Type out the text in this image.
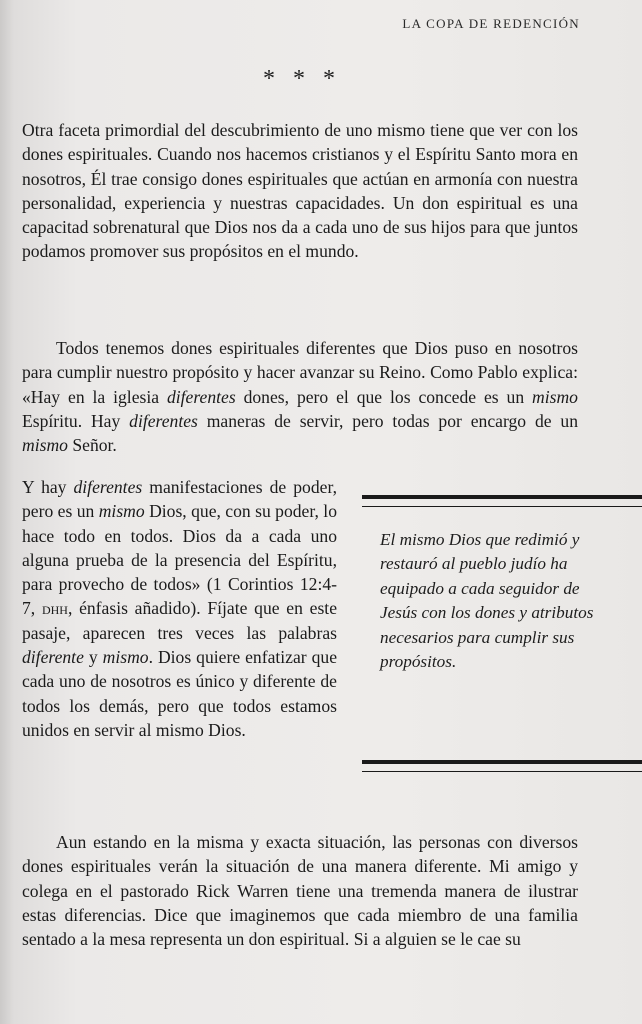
LA COPA DE REDENCIÓN
* * *
Otra faceta primordial del descubrimiento de uno mismo tiene que ver con los dones espirituales. Cuando nos hacemos cristianos y el Espíritu Santo mora en nosotros, Él trae consigo dones espirituales que actúan en armonía con nuestra personalidad, experiencia y nuestras capacidades. Un don espiritual es una capacitad sobrenatural que Dios nos da a cada uno de sus hijos para que juntos podamos promover sus propósitos en el mundo.
Todos tenemos dones espirituales diferentes que Dios puso en nosotros para cumplir nuestro propósito y hacer avanzar su Reino. Como Pablo explica: «Hay en la iglesia diferentes dones, pero el que los concede es un mismo Espíritu. Hay diferentes maneras de servir, pero todas por encargo de un mismo Señor.
Y hay diferentes manifestaciones de poder, pero es un mismo Dios, que, con su poder, lo hace todo en todos. Dios da a cada uno alguna prueba de la presencia del Espíritu, para provecho de todos» (1 Corintios 12:4-7, dhh, énfasis añadido). Fíjate que en este pasaje, aparecen tres veces las palabras diferente y mismo. Dios quiere enfatizar que cada uno de nosotros es único y diferente de todos los demás, pero que todos estamos unidos en servir al mismo Dios.
El mismo Dios que redimió y restauró al pueblo judío ha equipado a cada seguidor de Jesús con los dones y atributos necesarios para cumplir sus propósitos.
Aun estando en la misma y exacta situación, las personas con diversos dones espirituales verán la situación de una manera diferente. Mi amigo y colega en el pastorado Rick Warren tiene una tremenda manera de ilustrar estas diferencias. Dice que imaginemos que cada miembro de una familia sentado a la mesa representa un don espiritual. Si a alguien se le cae su
